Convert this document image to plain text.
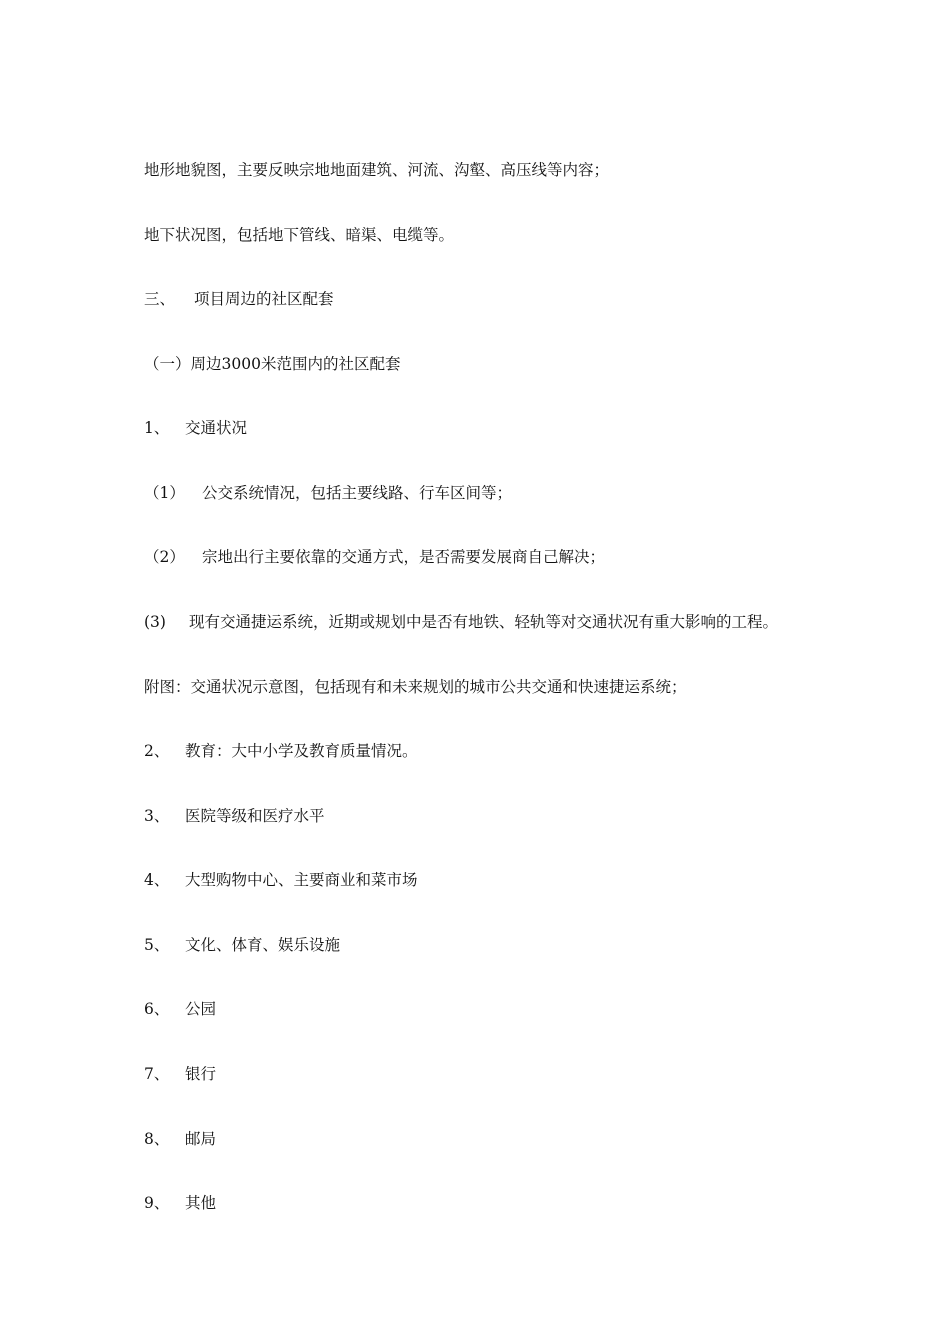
地形地貌图，主要反映宗地地面建筑、河流、沟壑、高压线等内容；
地下状况图，包括地下管线、暗渠、电缆等。
三、 项目周边的社区配套
（一）周边3000米范围内的社区配套
1、 交通状况
（1） 公交系统情况，包括主要线路、行车区间等；
（2） 宗地出行主要依靠的交通方式，是否需要发展商自己解决；
(3) 现有交通捷运系统，近期或规划中是否有地铁、轻轨等对交通状况有重大影响的工程。
附图：交通状况示意图，包括现有和未来规划的城市公共交通和快速捷运系统；
2、 教育：大中小学及教育质量情况。
3、 医院等级和医疗水平
4、 大型购物中心、主要商业和菜市场
5、 文化、体育、娱乐设施
6、 公园
7、 银行
8、 邮局
9、 其他
